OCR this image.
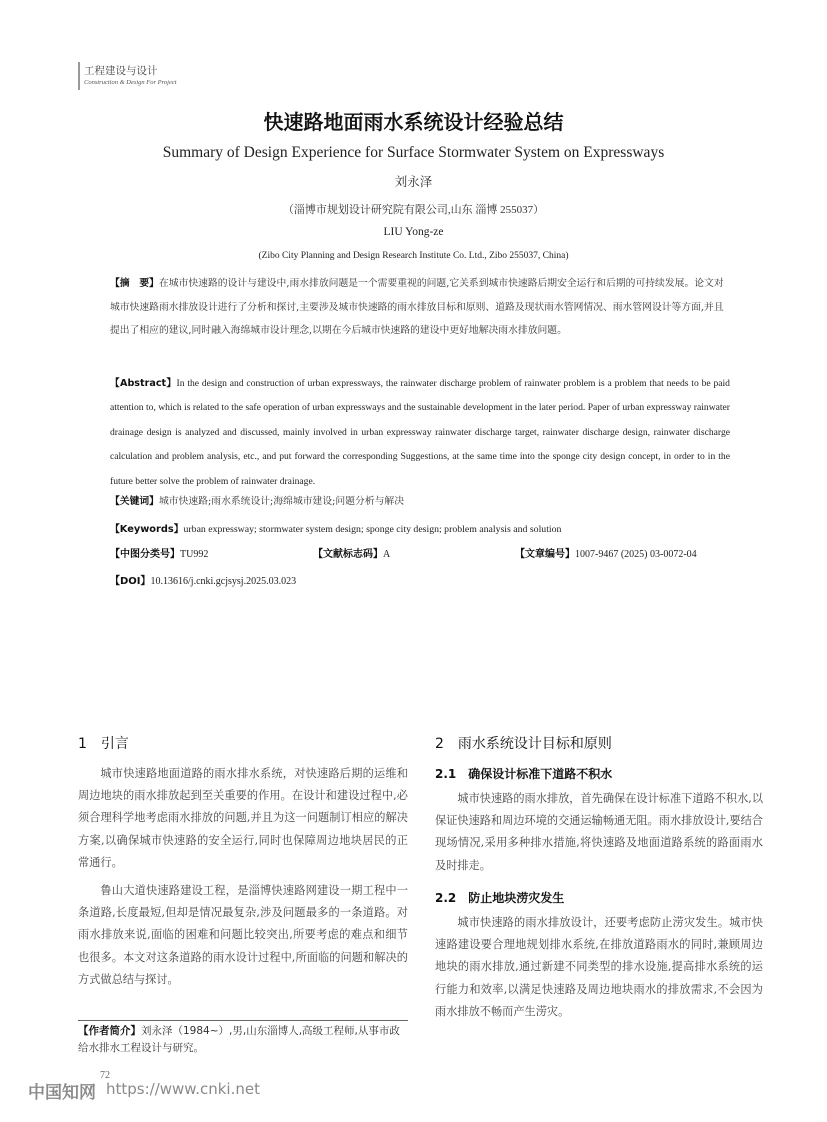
工程建设与设计
Construction & Design For Project
快速路地面雨水系统设计经验总结
Summary of Design Experience for Surface Stormwater System on Expressways
刘永泽
（淄博市规划设计研究院有限公司,山东 淄博 255037）
LIU Yong-ze
(Zibo City Planning and Design Research Institute Co. Ltd., Zibo 255037, China)
【摘　要】在城市快速路的设计与建设中,雨水排放问题是一个需要重视的问题,它关系到城市快速路后期安全运行和后期的可持续发展。论文对城市快速路雨水排放设计进行了分析和探讨,主要涉及城市快速路的雨水排放目标和原则、道路及现状雨水管网情况、雨水管网设计等方面,并且提出了相应的建议,同时融入海绵城市设计理念,以期在今后城市快速路的建设中更好地解决雨水排放问题。
【Abstract】In the design and construction of urban expressways, the rainwater discharge problem of rainwater problem is a problem that needs to be paid attention to, which is related to the safe operation of urban expressways and the sustainable development in the later period. Paper of urban expressway rainwater drainage design is analyzed and discussed, mainly involved in urban expressway rainwater discharge target, rainwater discharge design, rainwater discharge calculation and problem analysis, etc., and put forward the corresponding Suggestions, at the same time into the sponge city design concept, in order to in the future better solve the problem of rainwater drainage.
【关键词】城市快速路;雨水系统设计;海绵城市建设;问题分析与解决
【Keywords】urban expressway; stormwater system design; sponge city design; problem analysis and solution
【中图分类号】TU992	【文献标志码】A	【文章编号】1007-9467 (2025) 03-0072-04
【DOI】10.13616/j.cnki.gcjsysj.2025.03.023
1　引言
城市快速路地面道路的雨水排水系统，对快速路后期的运维和周边地块的雨水排放起到至关重要的作用。在设计和建设过程中,必须合理科学地考虑雨水排放的问题,并且为这一问题制订相应的解决方案,以确保城市快速路的安全运行,同时也保障周边地块居民的正常通行。
鲁山大道快速路建设工程，是淄博快速路网建设一期工程中一条道路,长度最短,但却是情况最复杂,涉及问题最多的一条道路。对雨水排放来说,面临的困难和问题比较突出,所要考虑的难点和细节也很多。本文对这条道路的雨水设计过程中,所面临的问题和解决的方式做总结与探讨。
2　雨水系统设计目标和原则
2.1　确保设计标准下道路不积水
城市快速路的雨水排放，首先确保在设计标准下道路不积水,以保证快速路和周边环境的交通运输畅通无阻。雨水排放设计,要结合现场情况,采用多种排水措施,将快速路及地面道路系统的路面雨水及时排走。
2.2　防止地块涝灾发生
城市快速路的雨水排放设计，还要考虑防止涝灾发生。城市快速路建设要合理地规划排水系统,在排放道路雨水的同时,兼顾周边地块的雨水排放,通过新建不同类型的排水设施,提高排水系统的运行能力和效率,以满足快速路及周边地块雨水的排放需求,不会因为雨水排放不畅而产生涝灾。
【作者简介】刘永泽（1984~）,男,山东淄博人,高级工程师,从事市政给水排水工程设计与研究。
72
中国知网 https://www.cnki.net
